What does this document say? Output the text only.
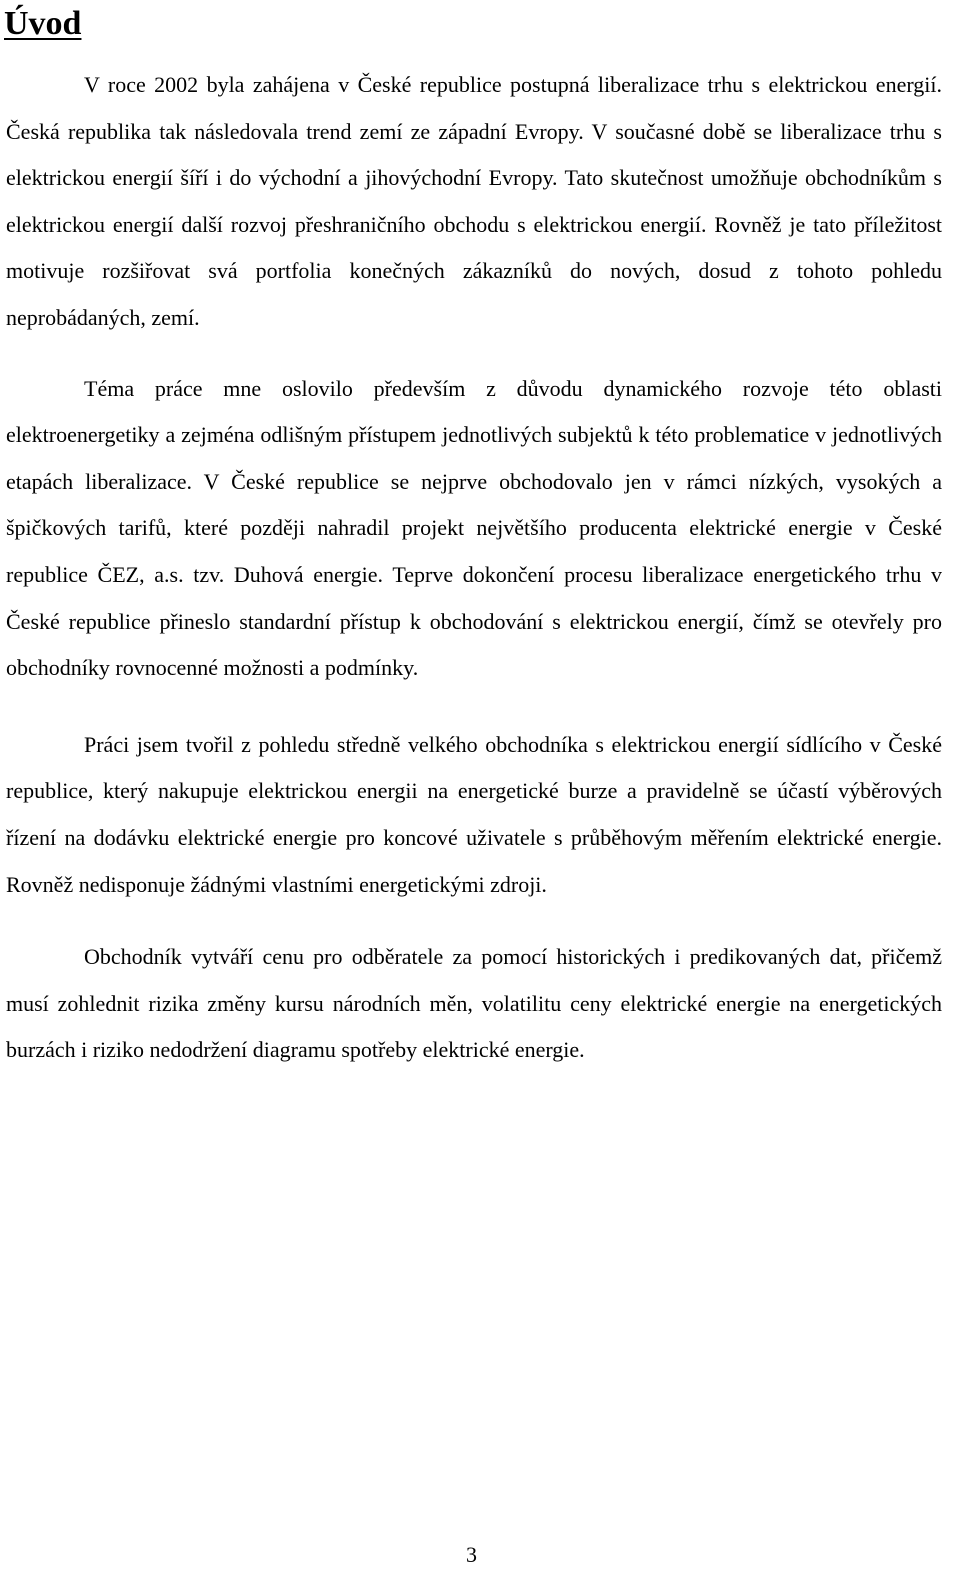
Úvod

V roce 2002 byla zahájena v České republice postupná liberalizace trhu s elektrickou energií. Česká republika tak následovala trend zemí ze západní Evropy. V současné době se liberalizace trhu s elektrickou energií šíří i do východní a jihovýchodní Evropy. Tato skutečnost umožňuje obchodníkům s elektrickou energií další rozvoj přeshraničního obchodu s elektrickou energií. Rovněž je tato příležitost motivuje rozšiřovat svá portfolia konečných zákazníků do nových, dosud z tohoto pohledu neprobádaných, zemí.

Téma práce mne oslovilo především z důvodu dynamického rozvoje této oblasti elektroenergetiky a zejména odlišným přístupem jednotlivých subjektů k této problematice v jednotlivých etapách liberalizace. V České republice se nejprve obchodovalo jen v rámci nízkých, vysokých a špičkových tarifů, které později nahradil projekt největšího producenta elektrické energie v České republice ČEZ, a.s. tzv. Duhová energie. Teprve dokončení procesu liberalizace energetického trhu v České republice přineslo standardní přístup k obchodování s elektrickou energií, čímž se otevřely pro obchodníky rovnocenné možnosti a podmínky.

Práci jsem tvořil z pohledu středně velkého obchodníka s elektrickou energií sídlícího v České republice, který nakupuje elektrickou energii na energetické burze a pravidelně se účastí výběrových řízení na dodávku elektrické energie pro koncové uživatele s průběhovým měřením elektrické energie. Rovněž nedisponuje žádnými vlastními energetickými zdroji.

Obchodník vytváří cenu pro odběratele za pomocí historických i predikovaných dat, přičemž musí zohlednit rizika změny kursu národních měn, volatilitu ceny elektrické energie na energetických burzách i riziko nedodržení diagramu spotřeby elektrické energie.

3
